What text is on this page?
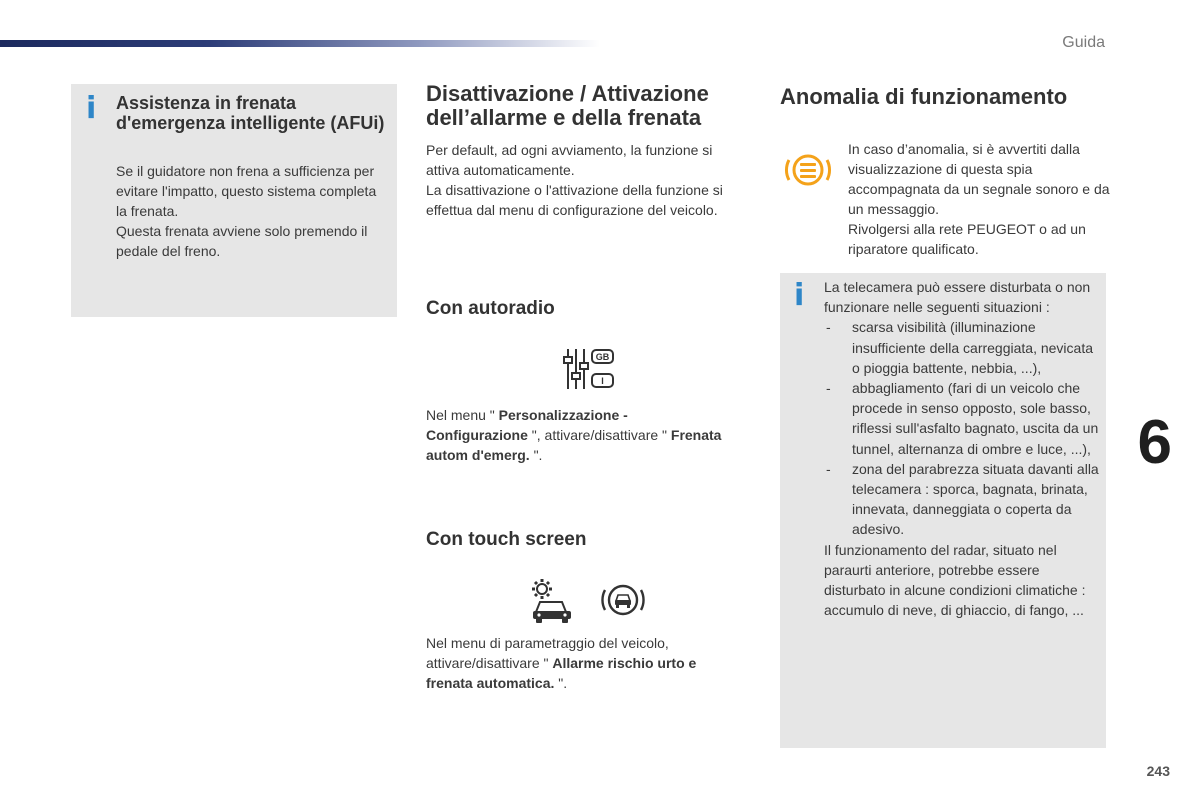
Guida
6
243
i Assistenza in frenata d'emergenza intelligente (AFUi)

Se il guidatore non frena a sufficienza per evitare l'impatto, questo sistema completa la frenata.

Questa frenata avviene solo premendo il pedale del freno.

Disattivazione / Attivazione dell’allarme e della frenata

Per default, ad ogni avviamento, la funzione si attiva automaticamente.

La disattivazione o l'attivazione della funzione si effettua dal menu di configurazione del veicolo.

Con autoradio
GB
I
Nel menu " Personalizzazione - Configurazione ", attivare/disattivare " Frenata autom d'emerg. ".
Con touch screen
Nel menu di parametraggio del veicolo, attivare/disattivare " Allarme rischio urto e frenata automatica. ".
Anomalia di funzionamento

In caso d’anomalia, si è avvertiti dalla visualizzazione di questa spia accompagnata da un segnale sonoro e da un messaggio.

Rivolgersi alla rete PEUGEOT o ad un riparatore qualificato.

i La telecamera può essere disturbata o non funzionare nelle seguenti situazioni :

-	scarsa visibilità (illuminazione insufficiente della carreggiata, nevicata o pioggia battente, nebbia, ...),
-	abbagliamento (fari di un veicolo che procede in senso opposto, sole basso, riflessi sull'asfalto bagnato, uscita da un tunnel, alternanza di ombre e luce, ...),
-	zona del parabrezza situata davanti alla telecamera : sporca, bagnata, brinata, innevata, danneggiata o coperta da adesivo.

Il funzionamento del radar, situato nel paraurti anteriore, potrebbe essere disturbato in alcune condizioni climatiche : accumulo di neve, di ghiaccio, di fango, ...
